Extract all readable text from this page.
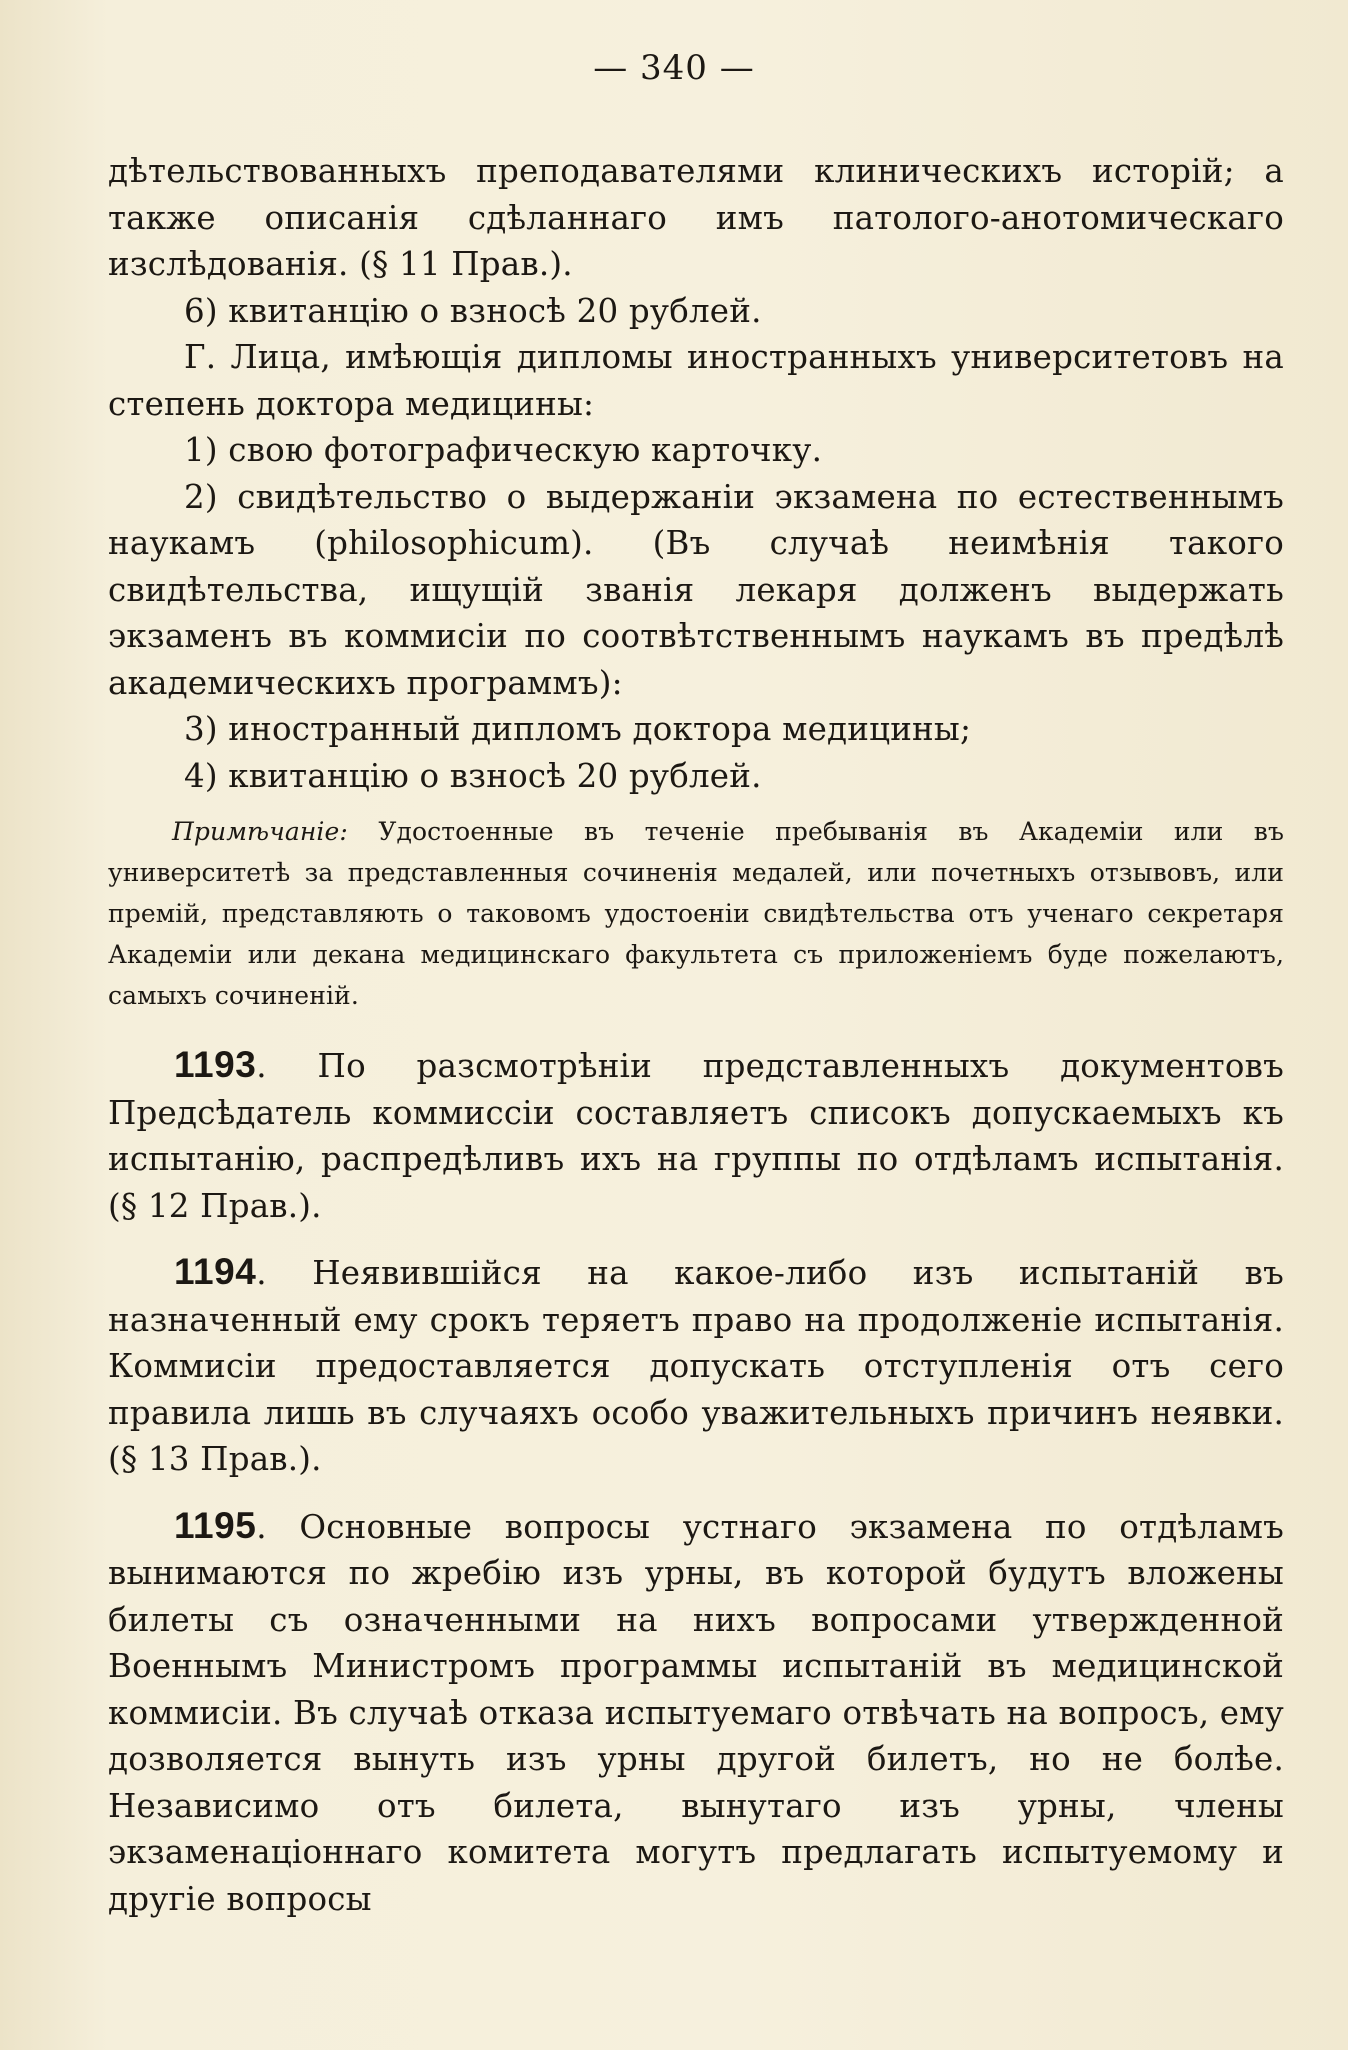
— 340 —

дѣтельствованныхъ преподавателями клиническихъ исторій; а также описанія сдѣланнаго имъ патолого-анотомическаго изслѣдованія. (§ 11 Прав.).

6) квитанцію о взносѣ 20 рублей.

Г. Лица, имѣющія дипломы иностранныхъ университетовъ на степень доктора медицины:

1) свою фотографическую карточку.

2) свидѣтельство о выдержаніи экзамена по естественнымъ наукамъ (philosophicum). (Въ случаѣ неимѣнія такого свидѣтельства, ищущій званія лекаря долженъ выдержать экзаменъ въ коммисіи по соотвѣтственнымъ наукамъ въ предѣлѣ академическихъ программъ):

3) иностранный дипломъ доктора медицины;

4) квитанцію о взносѣ 20 рублей.

Примѣчаніе: Удостоенные въ теченіе пребыванія въ Академіи или въ университетѣ за представленныя сочиненія медалей, или почетныхъ отзывовъ, или премій, представляють о таковомъ удостоеніи свидѣтельства отъ ученаго секретаря Академіи или декана медицинскаго факультета съ приложеніемъ буде пожелаютъ, самыхъ сочиненій.

1193. По разсмотрѣніи представленныхъ документовъ Предсѣдатель коммиссіи составляетъ списокъ допускаемыхъ къ испытанію, распредѣливъ ихъ на группы по отдѣламъ испытанія. (§ 12 Прав.).

1194. Неявившійся на какое-либо изъ испытаній въ назначенный ему срокъ теряетъ право на продолженіе испытанія. Коммисіи предоставляется допускать отступленія отъ сего правила лишь въ случаяхъ особо уважительныхъ причинъ неявки. (§ 13 Прав.).

1195. Основные вопросы устнаго экзамена по отдѣламъ вынимаются по жребію изъ урны, въ которой будутъ вложены билеты съ означенными на нихъ вопросами утвержденной Военнымъ Министромъ программы испытаній въ медицинской коммисіи. Въ случаѣ отказа испытуемаго отвѣчать на вопросъ, ему дозволяется вынуть изъ урны другой билетъ, но не болѣе. Независимо отъ билета, вынутаго изъ урны, члены экзаменаціоннаго комитета могутъ предлагать испытуемому и другіе вопросы
